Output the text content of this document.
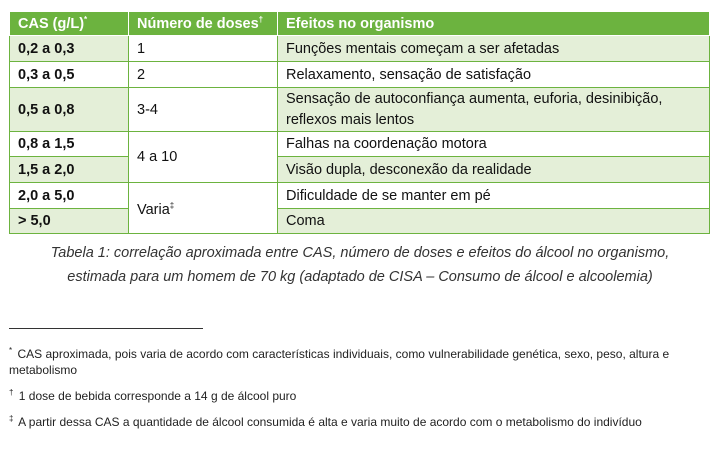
CAS (g/L)*	Número de doses†	Efeitos no organismo
0,2 a 0,3	1	Funções mentais começam a ser afetadas
0,3 a 0,5	2	Relaxamento, sensação de satisfação
0,5 a 0,8	3-4	Sensação de autoconfiança aumenta, euforia, desinibição, reflexos mais lentos
0,8 a 1,5	4 a 10	Falhas na coordenação motora
1,5 a 2,0		Visão dupla, desconexão da realidade
2,0 a 5,0	Varia‡	Dificuldade de se manter em pé
> 5,0		Coma
Tabela 1: correlação aproximada entre CAS, número de doses e efeitos do álcool no organismo,
estimada para um homem de 70 kg (adaptado de CISA – Consumo de álcool e alcoolemia)
* CAS aproximada, pois varia de acordo com características individuais, como vulnerabilidade genética, sexo, peso, altura e metabolismo
† 1 dose de bebida corresponde a 14 g de álcool puro
‡ A partir dessa CAS a quantidade de álcool consumida é alta e varia muito de acordo com o metabolismo do indivíduo
